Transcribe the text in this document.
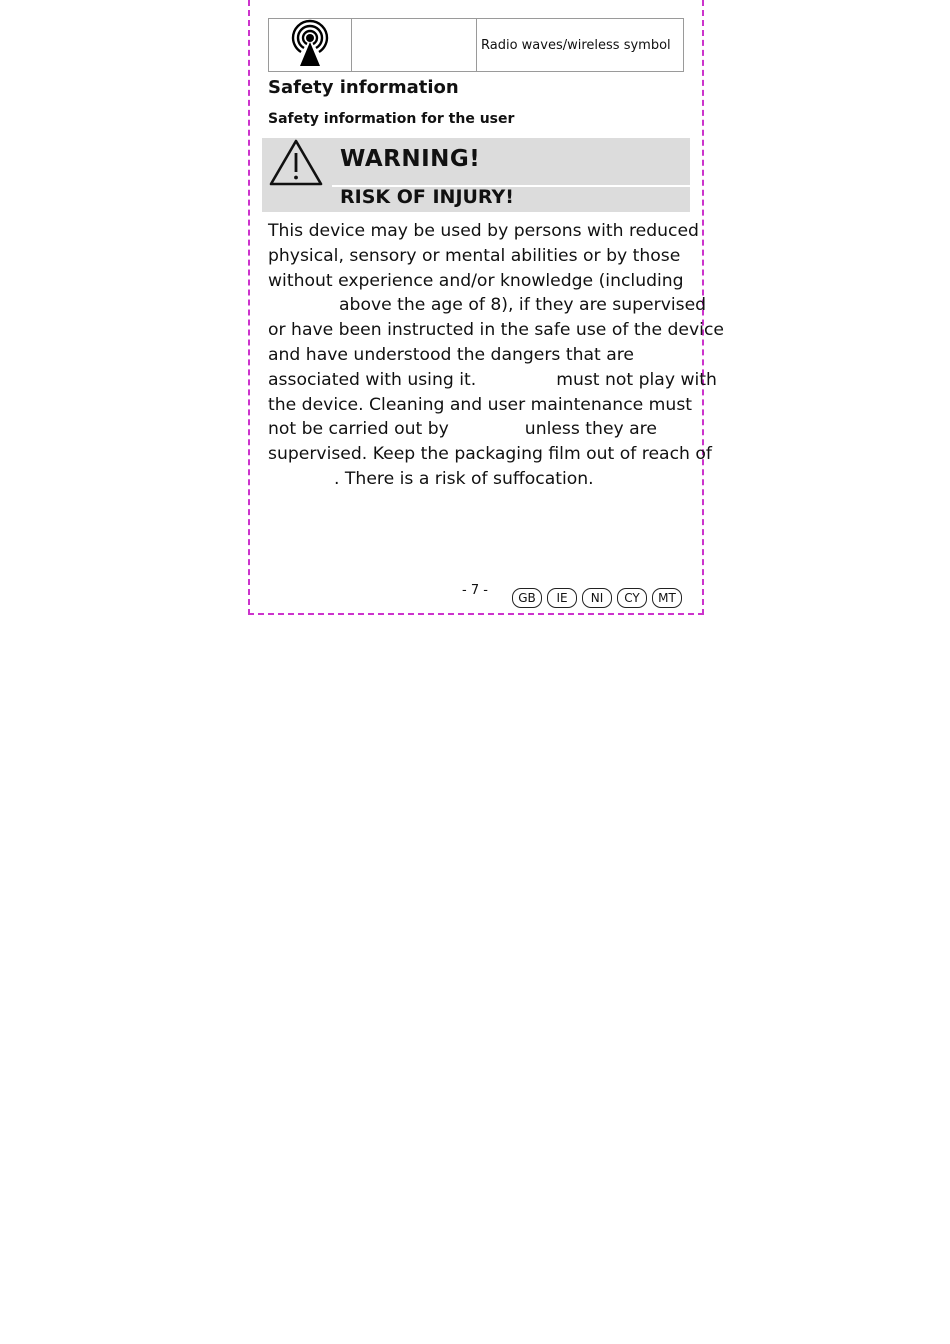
		Radio waves/wireless symbol
Safety information
Safety information for the user
WARNING!
RISK OF INJURY!

This device may be used by persons with reduced
physical, sensory or mental abilities or by those
without experience and/or knowledge (including
above the age of 8), if they are supervised
or have been instructed in the safe use of the device
and have understood the dangers that are
associated with using it.	must not play with
the device. Cleaning and user maintenance must
not be carried out by	unless they are
supervised. Keep the packaging film out of reach of
. There is a risk of suffocation.

- 7 -	GB	IE	NI	CY	MT
